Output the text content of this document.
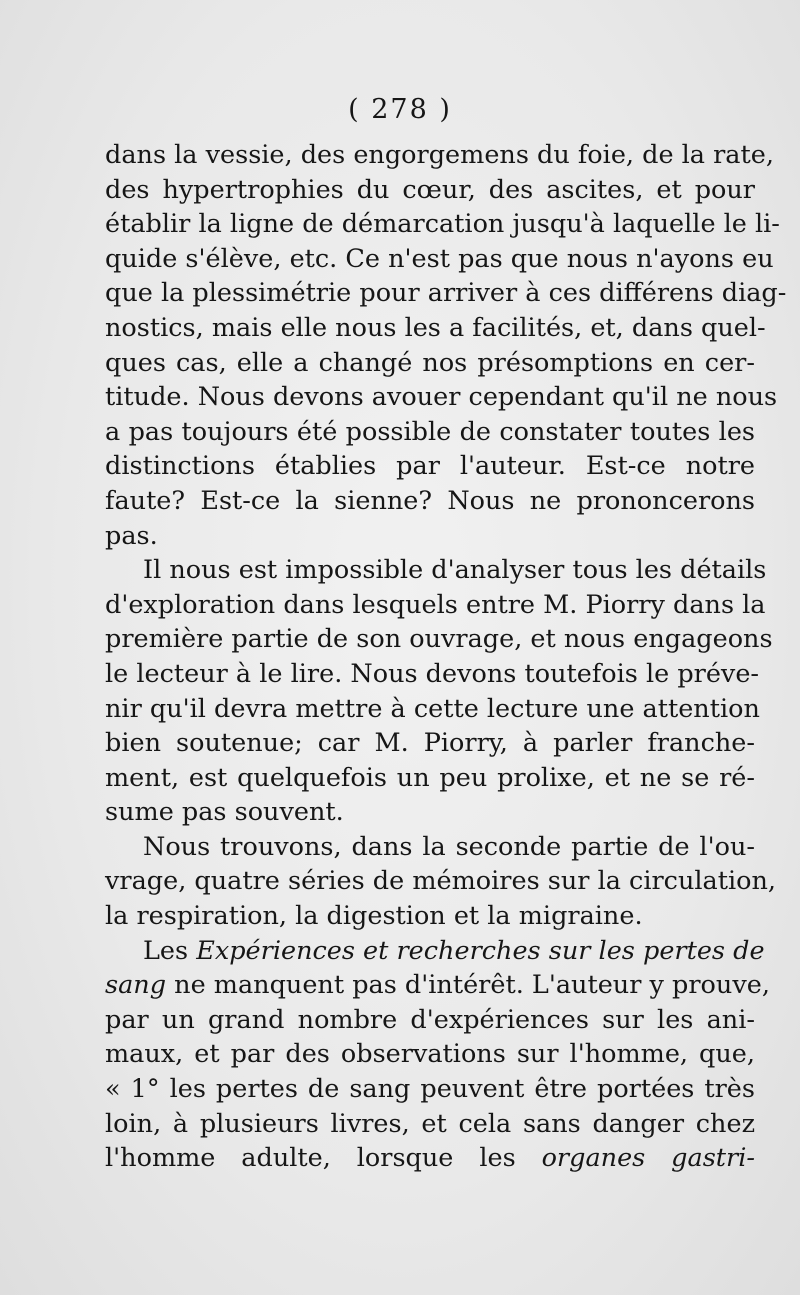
( 278 )
dans la vessie, des engorgemens du foie, de la rate,
des hypertrophies du cœur, des ascites, et pour
établir la ligne de démarcation jusqu'à laquelle le li-
quide s'élève, etc. Ce n'est pas que nous n'ayons eu
que la plessimétrie pour arriver à ces différens diag-
nostics, mais elle nous les a facilités, et, dans quel-
ques cas, elle a changé nos présomptions en cer-
titude. Nous devons avouer cependant qu'il ne nous
a pas toujours été possible de constater toutes les
distinctions établies par l'auteur. Est-ce notre
faute? Est-ce la sienne? Nous ne prononcerons
pas.
Il nous est impossible d'analyser tous les détails
d'exploration dans lesquels entre M. Piorry dans la
première partie de son ouvrage, et nous engageons
le lecteur à le lire. Nous devons toutefois le préve-
nir qu'il devra mettre à cette lecture une attention
bien soutenue; car M. Piorry, à parler franche-
ment, est quelquefois un peu prolixe, et ne se ré-
sume pas souvent.
Nous trouvons, dans la seconde partie de l'ou-
vrage, quatre séries de mémoires sur la circulation,
la respiration, la digestion et la migraine.
Les Expériences et recherches sur les pertes de
sang ne manquent pas d'intérêt. L'auteur y prouve,
par un grand nombre d'expériences sur les ani-
maux, et par des observations sur l'homme, que,
« 1° les pertes de sang peuvent être portées très
loin, à plusieurs livres, et cela sans danger chez
l'homme adulte, lorsque les organes gastri-
